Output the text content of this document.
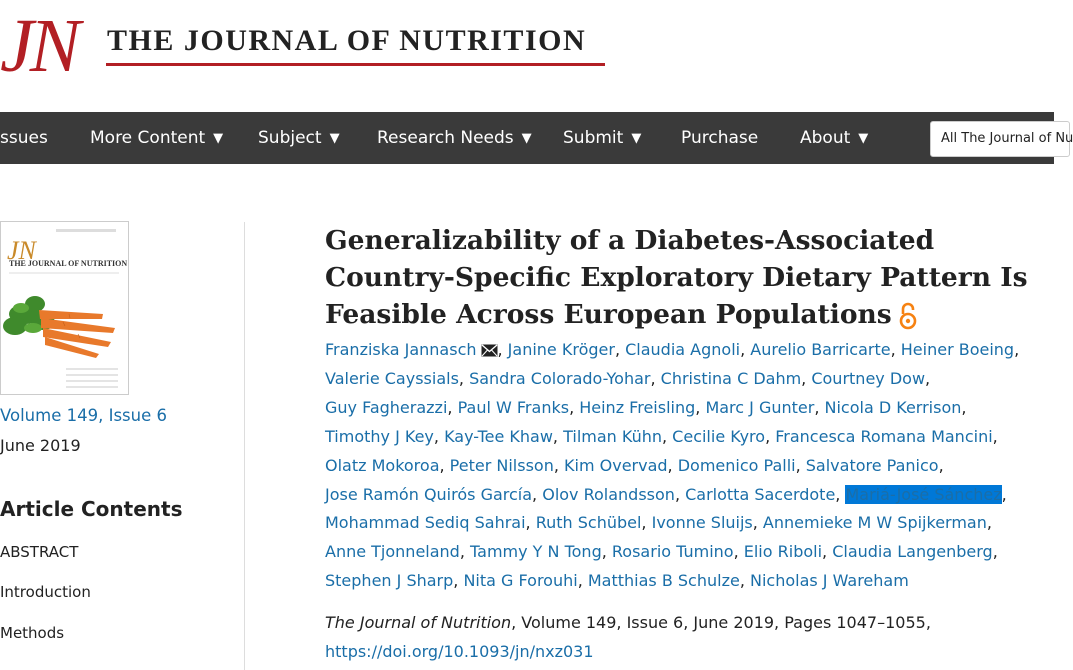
JN THE JOURNAL OF NUTRITION
ssues More Content ▼ Subject ▼ Research Needs ▼ Submit ▼ Purchase About ▼	All The Journal of Nu
JN
THE JOURNAL OF NUTRITION
Volume 149, Issue 6
June 2019
Article Contents
ABSTRACT
Introduction
Methods
Generalizability of a Diabetes-Associated Country-Specific Exploratory Dietary Pattern Is Feasible Across European Populations
Franziska Jannasch , Janine Kröger, Claudia Agnoli, Aurelio Barricarte, Heiner Boeing,
Valerie Cayssials, Sandra Colorado-Yohar, Christina C Dahm, Courtney Dow,
Guy Fagherazzi, Paul W Franks, Heinz Freisling, Marc J Gunter, Nicola D Kerrison,
Timothy J Key, Kay-Tee Khaw, Tilman Kühn, Cecilie Kyro, Francesca Romana Mancini,
Olatz Mokoroa, Peter Nilsson, Kim Overvad, Domenico Palli, Salvatore Panico,
Jose Ramón Quirós García, Olov Rolandsson, Carlotta Sacerdote, Mariá-José Sánchez,
Mohammad Sediq Sahrai, Ruth Schübel, Ivonne Sluijs, Annemieke M W Spijkerman,
Anne Tjonneland, Tammy Y N Tong, Rosario Tumino, Elio Riboli, Claudia Langenberg,
Stephen J Sharp, Nita G Forouhi, Matthias B Schulze, Nicholas J Wareham
The Journal of Nutrition, Volume 149, Issue 6, June 2019, Pages 1047–1055,
https://doi.org/10.1093/jn/nxz031
